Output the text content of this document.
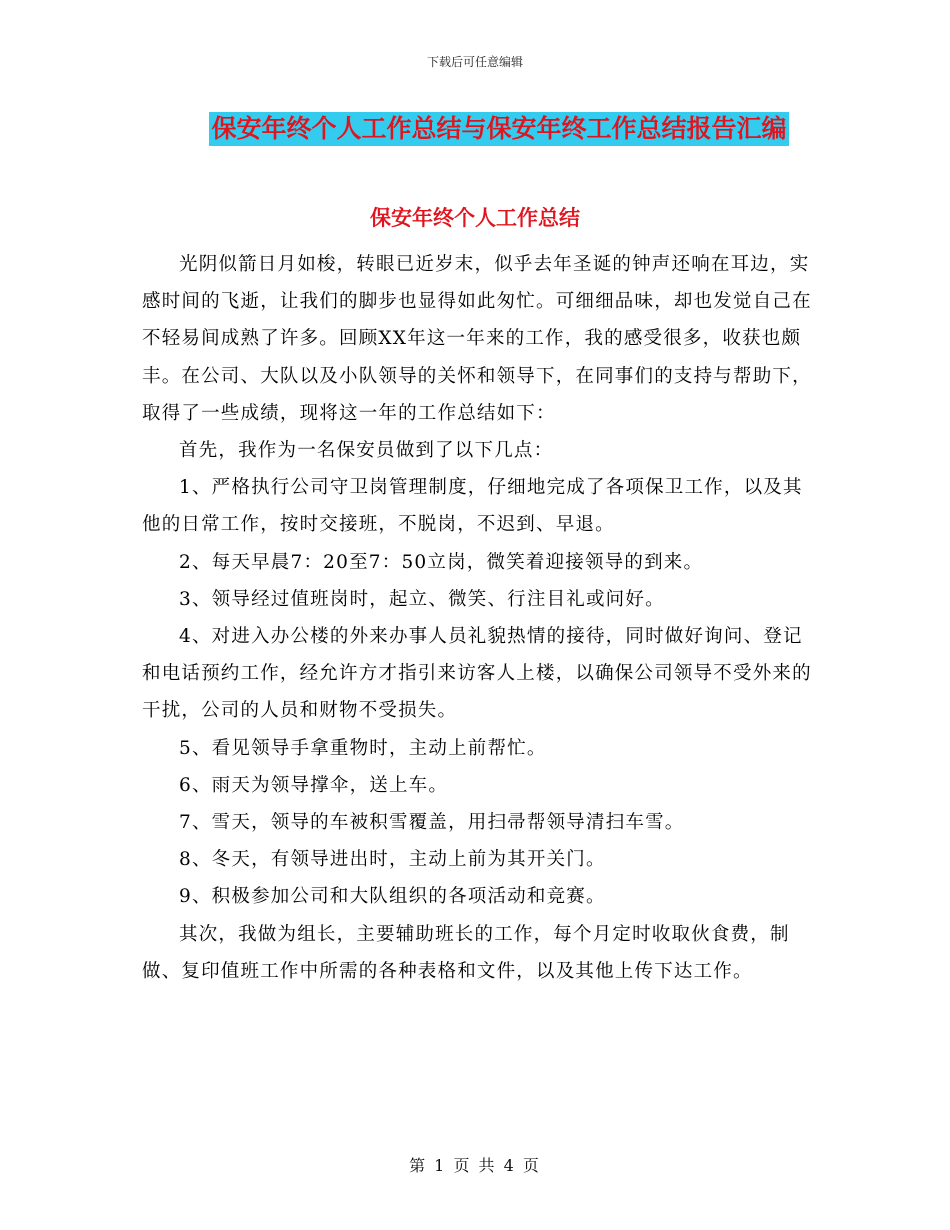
下载后可任意编辑
保安年终个人工作总结与保安年终工作总结报告汇编
保安年终个人工作总结

光阴似箭日月如梭，转眼已近岁末，似乎去年圣诞的钟声还响在耳边，实感时间的飞逝，让我们的脚步也显得如此匆忙。可细细品味，却也发觉自己在不轻易间成熟了许多。回顾XX年这一年来的工作，我的感受很多，收获也颇丰。在公司、大队以及小队领导的关怀和领导下，在同事们的支持与帮助下，取得了一些成绩，现将这一年的工作总结如下：

首先，我作为一名保安员做到了以下几点：

1、严格执行公司守卫岗管理制度，仔细地完成了各项保卫工作，以及其他的日常工作，按时交接班，不脱岗，不迟到、早退。

2、每天早晨7：20至7：50立岗，微笑着迎接领导的到来。

3、领导经过值班岗时，起立、微笑、行注目礼或问好。

4、对进入办公楼的外来办事人员礼貌热情的接待，同时做好询问、登记和电话预约工作，经允许方才指引来访客人上楼，以确保公司领导不受外来的干扰，公司的人员和财物不受损失。

5、看见领导手拿重物时，主动上前帮忙。

6、雨天为领导撑伞，送上车。

7、雪天，领导的车被积雪覆盖，用扫帚帮领导清扫车雪。

8、冬天，有领导进出时，主动上前为其开关门。

9、积极参加公司和大队组织的各项活动和竞赛。

其次，我做为组长，主要辅助班长的工作，每个月定时收取伙食费，制做、复印值班工作中所需的各种表格和文件，以及其他上传下达工作。

第 1 页 共 4 页
